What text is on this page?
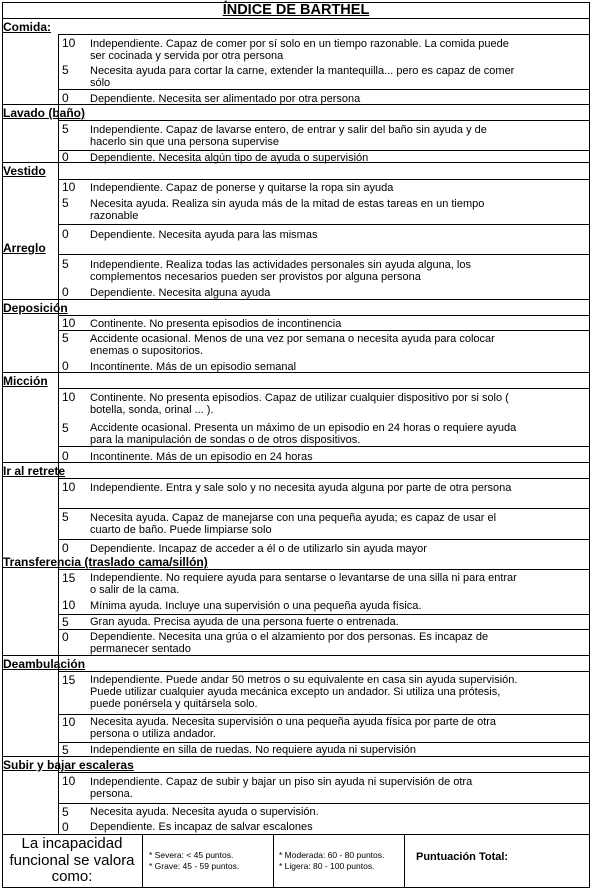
ÍNDICE DE BARTHEL
Comida:
Lavado (baño)
Vestido
Arreglo
Deposición
Micción
Ir al retrete
Transferencia (traslado cama/sillón)
Deambulación
Subir y bajar escaleras
10 Independiente. Capaz de comer por sí solo en un tiempo razonable. La comida puede ser cocinada y servida por otra persona
5 Necesita ayuda para cortar la carne, extender la mantequilla... pero es capaz de comer sólo
0 Dependiente. Necesita ser alimentado por otra persona
5 Independiente. Capaz de lavarse entero, de entrar y salir del baño sin ayuda y de hacerlo sin que una persona supervise
0 Dependiente. Necesita algún tipo de ayuda o supervisión
10 Independiente. Capaz de ponerse y quitarse la ropa sin ayuda
5 Necesita ayuda. Realiza sin ayuda más de la mitad de estas tareas en un tiempo razonable
0 Dependiente. Necesita ayuda para las mismas
5 Independiente. Realiza todas las actividades personales sin ayuda alguna, los complementos necesarios pueden ser provistos por alguna persona
0 Dependiente. Necesita alguna ayuda
10 Continente. No presenta episodios de incontinencia
5 Accidente ocasional. Menos de una vez por semana o necesita ayuda para colocar enemas o supositorios.
0 Incontinente. Más de un episodio semanal
10 Continente. No presenta episodios. Capaz de utilizar cualquier dispositivo por si solo ( botella, sonda, orinal ... ).
5 Accidente ocasional. Presenta un máximo de un episodio en 24 horas o requiere ayuda para la manipulación de sondas o de otros dispositivos.
0 Incontinente. Más de un episodio en 24 horas
10 Independiente. Entra y sale solo y no necesita ayuda alguna por parte de otra persona
5 Necesita ayuda. Capaz de manejarse con una pequeña ayuda; es capaz de usar el cuarto de baño. Puede limpiarse solo
0 Dependiente. Incapaz de acceder a él o de utilizarlo sin ayuda mayor
15 Independiente. No requiere ayuda para sentarse o levantarse de una silla ni para entrar o salir de la cama.
10 Mínima ayuda. Incluye una supervisión o una pequeña ayuda física.
5 Gran ayuda. Precisa ayuda de una persona fuerte o entrenada.
0 Dependiente. Necesita una grúa o el alzamiento por dos personas. Es incapaz de permanecer sentado
15 Independiente. Puede andar 50 metros o su equivalente en casa sin ayuda supervisión. Puede utilizar cualquier ayuda mecánica excepto un andador. Si utiliza una prótesis, puede ponérsela y quitársela solo.
10 Necesita ayuda. Necesita supervisión o una pequeña ayuda física por parte de otra persona o utiliza andador.
5 Independiente en silla de ruedas. No requiere ayuda ni supervisión
10 Independiente. Capaz de subir y bajar un piso sin ayuda ni supervisión de otra persona.
5 Necesita ayuda. Necesita ayuda o supervisión.
0 Dependiente. Es incapaz de salvar escalones
La incapacidad funcional se valora como:
* Severa: < 45 puntos.
* Grave: 45 - 59 puntos.
* Moderada: 60 - 80 puntos.
* Ligera: 80 - 100 puntos.
Puntuación Total:
